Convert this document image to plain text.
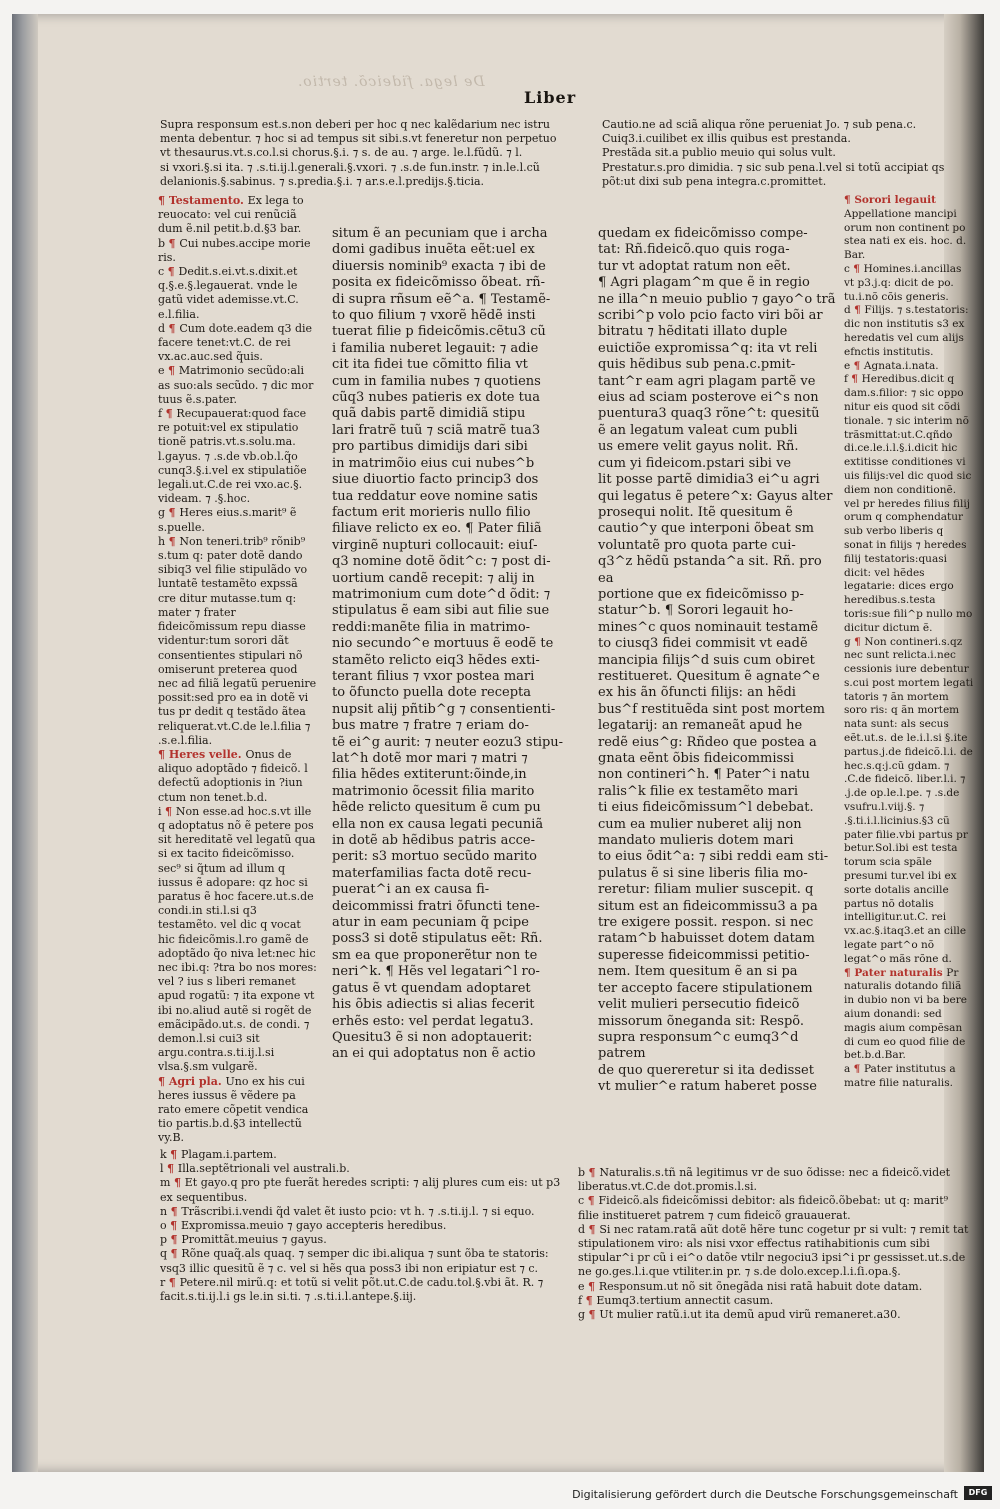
De lega. fideicõ. tertio.
Liber

Supra responsum est.s.non deberi per hoc q nec kalẽdarium nec istru

menta debentur. ⁊ hoc si ad tempus sit sibi.s.vt feneretur non perpetuo

vt thesaurus.vt.s.co.l.si chorus.§.i. ⁊ s. de au. ⁊ arge. le.l.fũdũ. ⁊ l.

si vxori.§.si ita. ⁊ .s.ti.ij.l.generali.§.vxori. ⁊ .s.de fun.instr. ⁊ in.le.l.cũ

delanionis.§.sabinus. ⁊ s.predia.§.i. ⁊ ar.s.e.l.predijs.§.ticia.

Cautio.ne ad sciã aliqua rõne perueniat Jo. ⁊ sub pena.c.

Cuiq3.i.cuilibet ex illis quibus est prestanda.

Prestãda sit.a publio meuio qui solus vult.

Prestatur.s.pro dimidia. ⁊ sic sub pena.l.vel si totũ accipiat qs

põt:ut dixi sub pena integra.c.promittet.

¶ Testamento. Ex lega to reuocato: vel cui renũciã dum ẽ.nil petit.b.d.§3 bar.

b ¶ Cui nubes.accipe morie ris.

c ¶ Dedit.s.ei.vt.s.dixit.et q.§.e.§.legauerat. vnde le gatũ videt ademisse.vt.C. e.l.filia.

d ¶ Cum dote.eadem q3 die facere tenet:vt.C. de rei vx.ac.auc.sed q̃uis.

e ¶ Matrimonio secũdo:ali as suo:als secũdo. ⁊ dic mor tuus ẽ.s.pater.

f ¶ Recupauerat:quod face re potuit:vel ex stipulatio tionẽ patris.vt.s.solu.ma. l.gayus. ⁊ .s.de vb.ob.l.q̃o cunq3.§.i.vel ex stipulatiõe legali.ut.C.de rei vxo.ac.§. videam. ⁊ .§.hoc.

g ¶ Heres eius.s.marit⁹ ẽ s.puelle.

h ¶ Non teneri.trib⁹ rõnib⁹ s.tum q: pater dotẽ dando sibiq3 vel filie stipulãdo vo luntatẽ testamẽto expssã cre ditur mutasse.tum q: mater ⁊ frater fideicõmissum repu diasse videntur:tum sorori dãt consentientes stipulari nõ omiserunt preterea quod nec ad filiã legatũ peruenire possit:sed pro ea in dotẽ vi tus pr dedit q testãdo ãtea reliquerat.vt.C.de le.l.filia ⁊ .s.e.l.filia.

¶ Heres velle. Onus de aliquo adoptãdo ⁊ fideicõ. l defectũ adoptionis in ?iun ctum non tenet.b.d.

i ¶ Non esse.ad hoc.s.vt ille q adoptatus nõ ẽ petere pos sit hereditatẽ vel legatũ qua si ex tacito fideicõmisso. sec⁹ si q̃tum ad illum q iussus ẽ adopare: qz hoc si paratus ẽ hoc facere.ut.s.de condi.in sti.l.si q3 testamẽto. vel dic q vocat hic fideicõmis.l.ro gamẽ de adoptãdo q̃o niva let:nec hic nec ibi.q: ?tra bo nos mores: vel ? ius s liberi remanet apud rogatũ: ⁊ ita expone vt ibi no.aliud autẽ si rogẽt de emãcipãdo.ut.s. de condi. ⁊ demon.l.si cui3 sit argu.contra.s.ti.ij.l.si vlsa.§.sm vulgarẽ.

¶ Agri pla. Uno ex his cui heres iussus ẽ vẽdere pa rato emere cõpetit vendica tio partis.b.d.§3 intellectũ vy.B.

situm ẽ an pecuniam que i archa

domi gadibus inuẽta eẽt:uel ex

diuersis nominib⁹ exacta ⁊ ibi de

posita ex fideicõmisso õbeat. rñ-

di supra rñsum eẽ^a. ¶ Testamẽ-

to quo filium ⁊ vxorẽ hẽdẽ insti

tuerat filie p fideicõmis.cẽtu3 cũ

i familia nuberet legauit: ⁊ adie

cit ita fidei tue cõmitto filia vt

cum in familia nubes ⁊ quotiens

cũq3 nubes patieris ex dote tua

quã dabis partẽ dimidiã stipu

lari fratrẽ tuũ ⁊ sciã matrẽ tua3

pro partibus dimidijs dari sibi

in matrimõio eius cui nubes^b

siue diuortio facto princip3 dos

tua reddatur eove nomine satis

factum erit morieris nullo filio

filiave relicto ex eo. ¶ Pater filiã

virginẽ nupturi collocauit: eiuſ-

q3 nomine dotẽ õdit^c: ⁊ post di-

uortium candẽ recepit: ⁊ alij in

matrimonium cum dote^d õdit: ⁊

stipulatus ẽ eam sibi aut filie sue

reddi:manẽte filia in matrimo-

nio secundo^e mortuus ẽ eodẽ te

stamẽto relicto eiq3 hẽdes exti-

terant filius ⁊ vxor postea mari

to õfuncto puella dote recepta

nupsit alij pñtib^g ⁊ consentienti-

bus matre ⁊ fratre ⁊ eriam do-

tẽ ei^g aurit: ⁊ neuter eozu3 stipu-

lat^h dotẽ mor mari ⁊ matri ⁊

filia hẽdes extiterunt:õinde,in

matrimonio õcessit filia marito

hẽde relicto quesitum ẽ cum pu

ella non ex causa legati pecuniã

in dotẽ ab hẽdibus patris acce-

perit: s3 mortuo secũdo marito

materfamilias facta dotẽ recu-

puerat^i an ex causa fi-

deicommissi fratri õfuncti tene-

atur in eam pecuniam q̃ pcipe

poss3 si dotẽ stipulatus eẽt: Rñ.

sm ea que proponerẽtur non te

neri^k. ¶ Hẽs vel legatari^l ro-

gatus ẽ vt quendam adoptaret

his õbis adiectis si alias fecerit

erhẽs esto: vel perdat legatu3.

Quesitu3 ẽ si non adoptauerit:

an ei qui adoptatus non ẽ actio

quedam ex fideicõmisso compe-

tat: Rñ.fideicõ.quo quis roga-

tur vt adoptat ratum non eẽt.

¶ Agri plagam^m que ẽ in regio

ne illa^n meuio publio ⁊ gayo^o trã

scribi^p volo pcio facto viri bõi ar

bitratu ⁊ hẽditati illato duple

euictiõe expromissa^q: ita vt reli

quis hẽdibus sub pena.c.pmit-

tant^r eam agri plagam partẽ ve

eius ad sciam posterove ei^s non

puentura3 quaq3 rõne^t: quesitũ

ẽ an legatum valeat cum publi

us emere velit gayus nolit. Rñ.

cum yi fideicom.pstari sibi ve

lit posse partẽ dimidia3 ei^u agri

qui legatus ẽ petere^x: Gayus alter

prosequi nolit. Itẽ quesitum ẽ

cautio^y que interponi õbeat sm

voluntatẽ pro quota parte cui-

q3^z hẽdũ pstanda^a sit. Rñ. pro ea

portione que ex fideicõmisso p-

statur^b. ¶ Sorori legauit ho-

mines^c quos nominauit testamẽ

to ciusq3 fidei commisit vt eadẽ

mancipia filijs^d suis cum obiret

restitueret. Quesitum ẽ agnate^e

ex his ãn õfuncti filijs: an hẽdi

bus^f restituẽda sint post mortem

legatarij: an remaneãt apud he

redẽ eius^g: Rñdeo que postea a

gnata eẽnt õbis fideicommissi

non contineri^h. ¶ Pater^i natu

ralis^k filie ex testamẽto mari

ti eius fideicõmissum^l debebat.

cum ea mulier nuberet alij non

mandato mulieris dotem mari

to eius õdit^a: ⁊ sibi reddi eam sti-

pulatus ẽ si sine liberis filia mo-

reretur: filiam mulier suscepit. q

situm est an fideicommissu3 a pa

tre exigere possit. respon. si nec

ratam^b habuisset dotem datam

superesse fideicommissi petitio-

nem. Item quesitum ẽ an si pa

ter accepto facere stipulationem

velit mulieri persecutio fideicõ

missorum õneganda sit: Respõ.

supra responsum^c eumq3^d patrem

de quo quereretur si ita dedisset

vt mulier^e ratum haberet posse

¶ Sorori legauit Appellatione mancipi orum non continent po stea nati ex eis. hoc. d. Bar.

c ¶ Homines.i.ancillas vt p3.j.q: dicit de po. tu.i.nõ cõis generis.

d ¶ Filijs. ⁊ s.testatoris: dic non institutis s3 ex heredatis vel cum alijs efnctis institutis.

e ¶ Agnata.i.nata.

f ¶ Heredibus.dicit q dam.s.filior: ⁊ sic oppo nitur eis quod sit cõdi tionale. ⁊ sic interim nõ trãsmittat:ut.C.qñdo di.ce.le.i.l.§.i.dicit hic extitisse conditiones vi uis filijs:vel dic quod sic diem non conditionẽ. vel pr heredes filius filij orum q comphendatur sub verbo liberis q sonat in filijs ⁊ heredes filij testatoris:quasi dicit: vel hẽdes legatarie: dices ergo heredibus.s.testa toris:sue fili^p nullo mo dicitur dictum ẽ.

g ¶ Non contineri.s.qz nec sunt relicta.i.nec cessionis iure debentur s.cui post mortem legati tatoris ⁊ ãn mortem soro ris: q ãn mortem nata sunt: als secus eẽt.ut.s. de le.i.l.si §.ite partus.j.de fideicõ.l.i. de hec.s.q:j.cũ gdam. ⁊ .C.de fideicõ. liber.l.i. ⁊ .j.de op.le.l.pe. ⁊ .s.de vsufru.l.viij.§. ⁊ .§.ti.i.l.licinius.§3 cũ pater filie.vbi partus pr betur.Sol.ibi est testa torum scia spãle presumi tur.vel ibi ex sorte dotalis ancille partus nõ dotalis intelligitur.ut.C. rei vx.ac.§.itaq3.et an cille legate part^o nõ legat^o mãs rõne d.

¶ Pater naturalis Pr naturalis dotando filiã in dubio non vi ba bere aium donandi: sed magis aium compẽsan di cum eo quod filie de bet.b.d.Bar.

a ¶ Pater institutus a matre filie naturalis.

k ¶ Plagam.i.partem.

l ¶ Illa.septẽtrionali vel australi.b.

m ¶ Et gayo.q pro pte fuerãt heredes scripti: ⁊ alij plures cum eis: ut p3 ex sequentibus.

n ¶ Trãscribi.i.vendi q̃d valet ẽt iusto pcio: vt h. ⁊ .s.ti.ij.l. ⁊ si equo.

o ¶ Expromissa.meuio ⁊ gayo accepteris heredibus.

p ¶ Promittãt.meuius ⁊ gayus.

q ¶ Rõne quaq̃.als quaq. ⁊ semper dic ibi.aliqua ⁊ sunt õba te statoris: vsq3 illic quesitũ ẽ ⁊ c. vel si hẽs qua poss3 ibi non eripiatur est ⁊ c.

r ¶ Petere.nil mirũ.q: et totũ si velit põt.ut.C.de cadu.tol.§.vbi ãt. R. ⁊ facit.s.ti.ij.l.i gs le.in si.ti. ⁊ .s.ti.i.l.antepe.§.iij.

b ¶ Naturalis.s.tñ nã legitimus vr de suo õdisse: nec a fideicõ.videt liberatus.vt.C.de dot.promis.l.si.

c ¶ Fideicõ.als fideicõmissi debitor: als fideicõ.õbebat: ut q: marit⁹ filie institueret patrem ⁊ cum fideicõ grauauerat.

d ¶ Si nec ratam.ratã aũt dotẽ hẽre tunc cogetur pr si vult: ⁊ remit tat stipulationem viro: als nisi vxor effectus ratihabitionis cum sibi stipular^i pr cũ i ei^o datõe vtilr negociu3 ipsi^i pr gessisset.ut.s.de ne go.ges.l.i.que vtiliter.in pr. ⁊ s.de dolo.excep.l.i.ſi.opa.§.

e ¶ Responsum.ut nõ sit õnegãda nisi ratã habuit dote datam.

f ¶ Eumq3.tertium annectit casum.

g ¶ Ut mulier ratũ.i.ut ita demũ apud virũ remaneret.a30.

Digitalisierung gefördert durch die Deutsche Forschungsgemeinschaft	DFG
